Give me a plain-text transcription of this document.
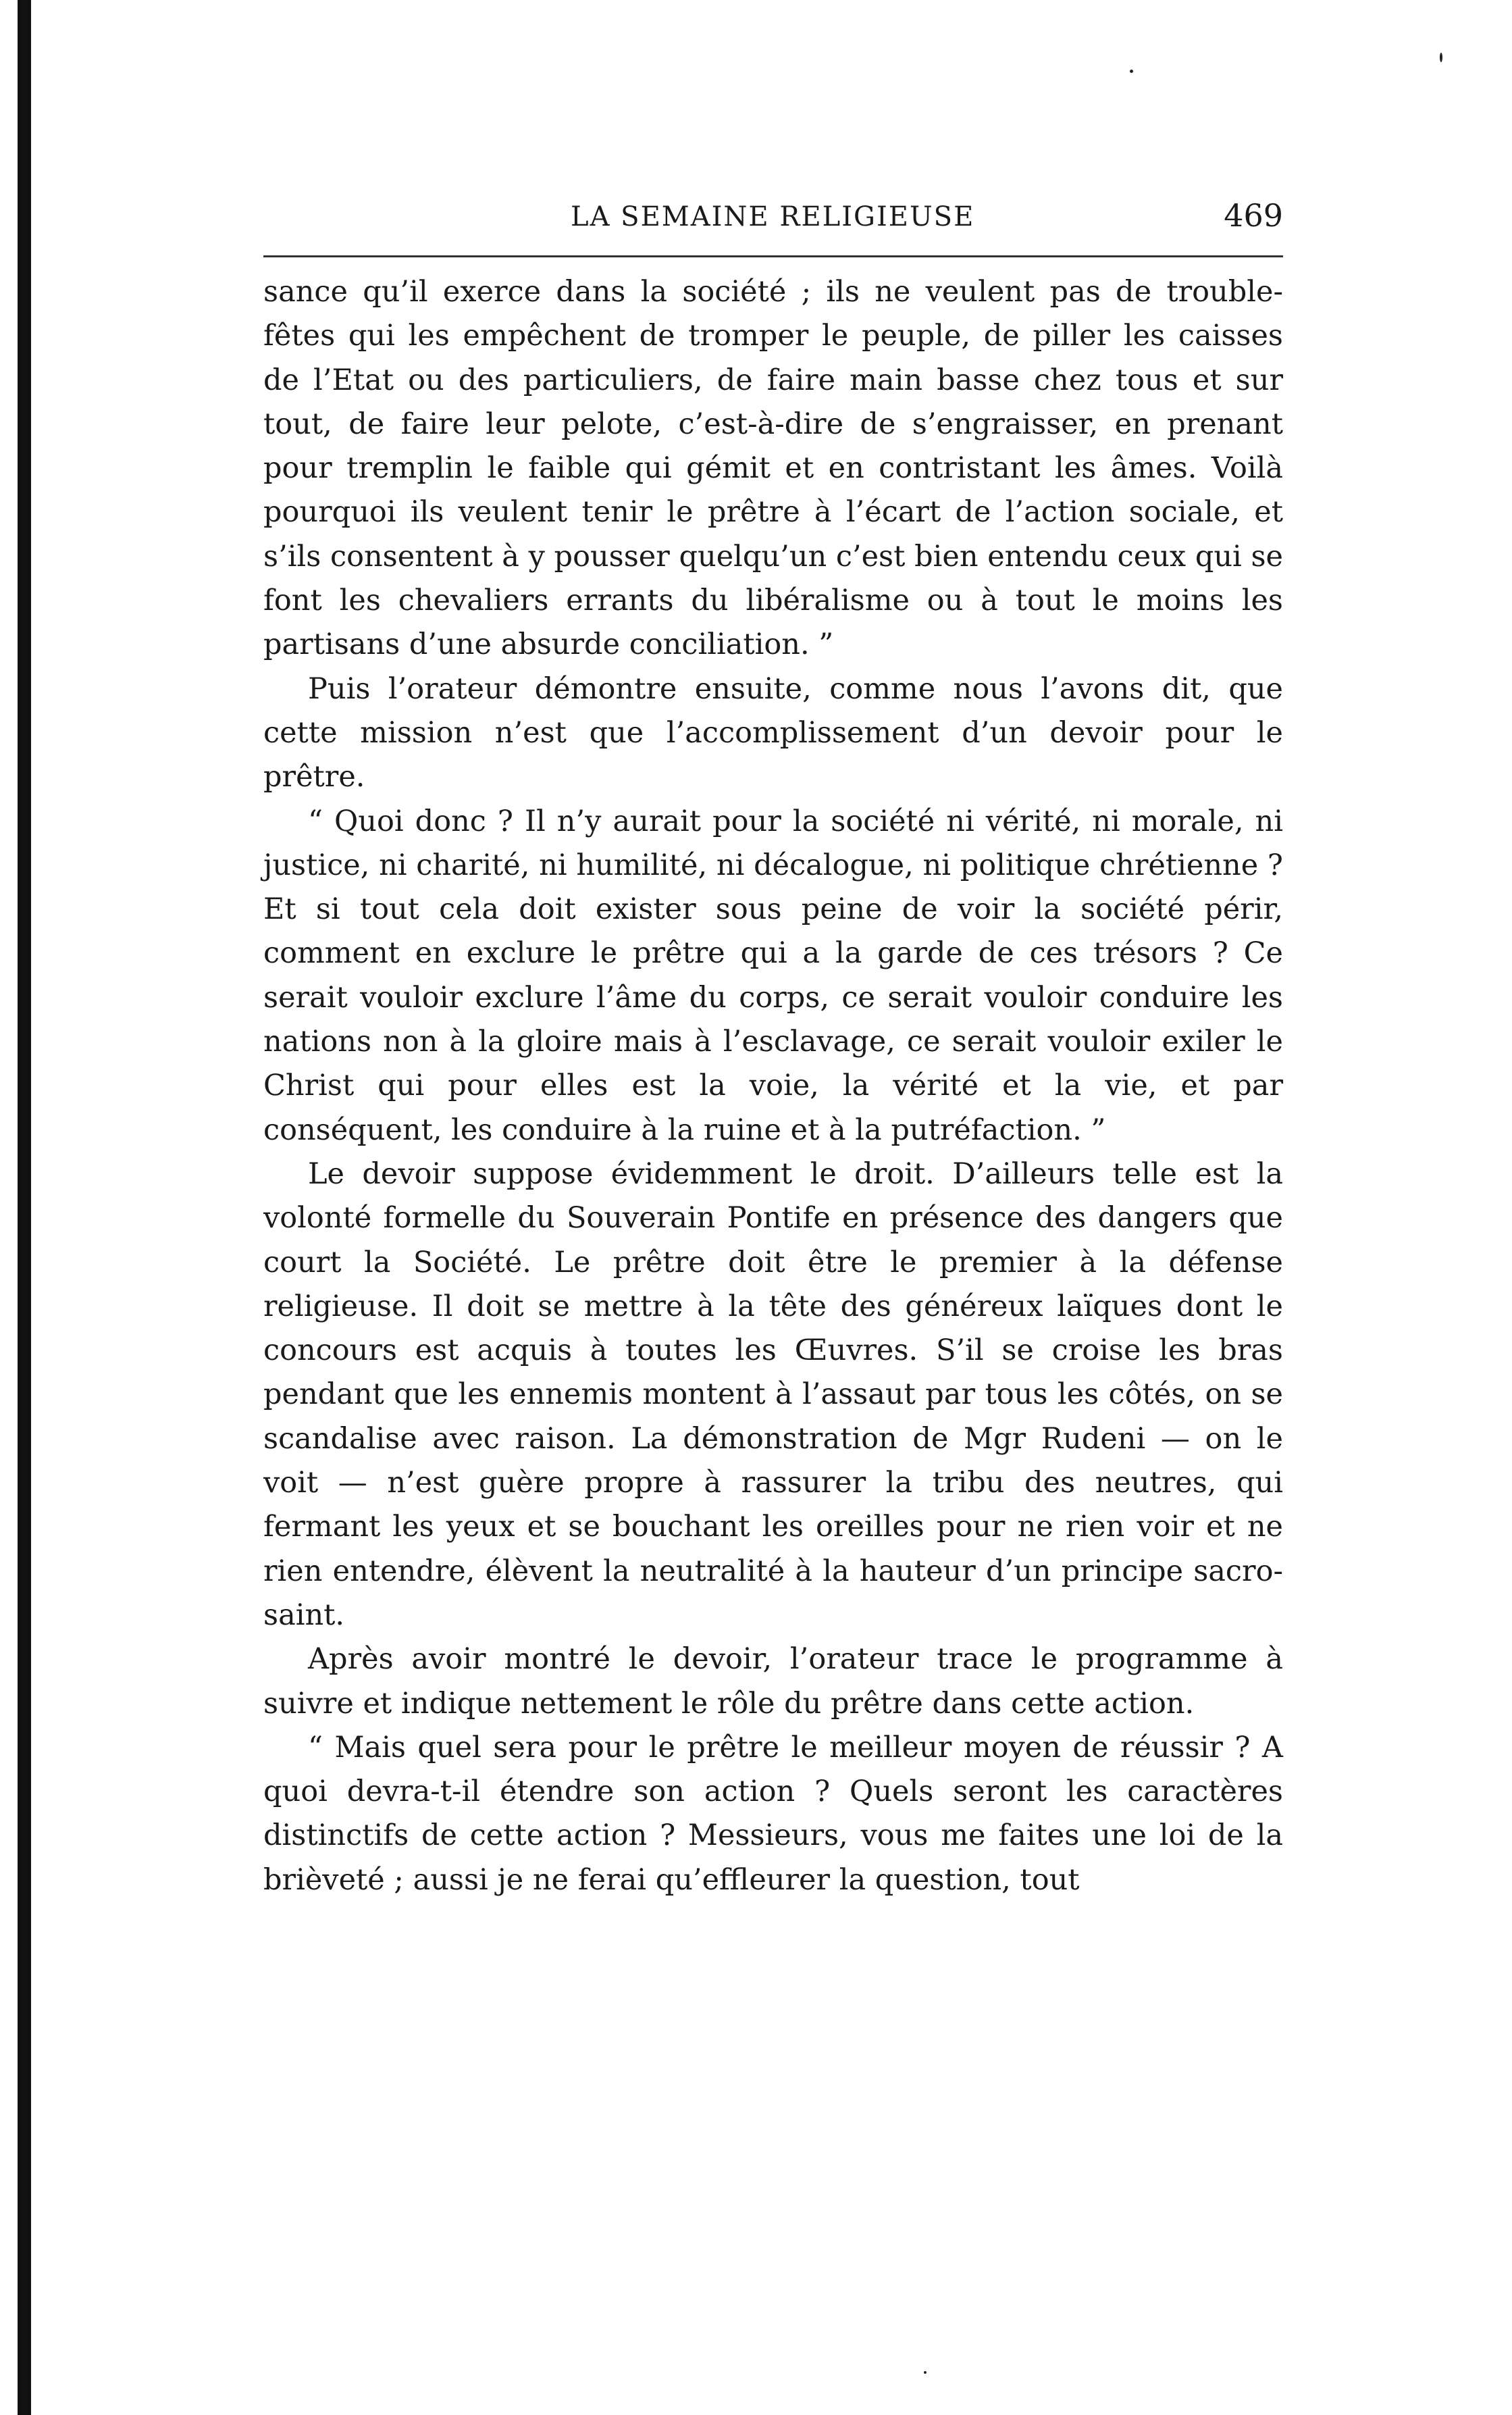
LA SEMAINE RELIGIEUSE	469

sance qu’il exerce dans la société ; ils ne veulent pas de trouble-fêtes qui les empêchent de tromper le peuple, de piller les caisses de l’Etat ou des particuliers, de faire main basse chez tous et sur tout, de faire leur pelote, c’est-à-dire de s’engraisser, en prenant pour tremplin le faible qui gémit et en contristant les âmes. Voilà pourquoi ils veulent tenir le prêtre à l’écart de l’action sociale, et s’ils consentent à y pousser quelqu’un c’est bien entendu ceux qui se font les chevaliers errants du libéralisme ou à tout le moins les partisans d’une absurde conciliation. ”

Puis l’orateur démontre ensuite, comme nous l’avons dit, que cette mission n’est que l’accomplissement d’un devoir pour le prêtre.

“ Quoi donc ? Il n’y aurait pour la société ni vérité, ni morale, ni justice, ni charité, ni humilité, ni décalogue, ni politique chrétienne ? Et si tout cela doit exister sous peine de voir la société périr, comment en exclure le prêtre qui a la garde de ces trésors ? Ce serait vouloir exclure l’âme du corps, ce serait vouloir conduire les nations non à la gloire mais à l’esclavage, ce serait vouloir exiler le Christ qui pour elles est la voie, la vérité et la vie, et par conséquent, les conduire à la ruine et à la putréfaction. ”

Le devoir suppose évidemment le droit. D’ailleurs telle est la volonté formelle du Souverain Pontife en présence des dangers que court la Société. Le prêtre doit être le premier à la défense religieuse. Il doit se mettre à la tête des généreux laïques dont le concours est acquis à toutes les Œuvres. S’il se croise les bras pendant que les ennemis montent à l’assaut par tous les côtés, on se scandalise avec raison. La démonstration de Mgr Rudeni — on le voit — n’est guère propre à rassurer la tribu des neutres, qui fermant les yeux et se bouchant les oreilles pour ne rien voir et ne rien entendre, élèvent la neutralité à la hauteur d’un principe sacro-saint.

Après avoir montré le devoir, l’orateur trace le programme à suivre et indique nettement le rôle du prêtre dans cette action.

“ Mais quel sera pour le prêtre le meilleur moyen de réussir ? A quoi devra-t-il étendre son action ? Quels seront les caractères distinctifs de cette action ? Messieurs, vous me faites une loi de la brièveté ; aussi je ne ferai qu’effleurer la question, tout
